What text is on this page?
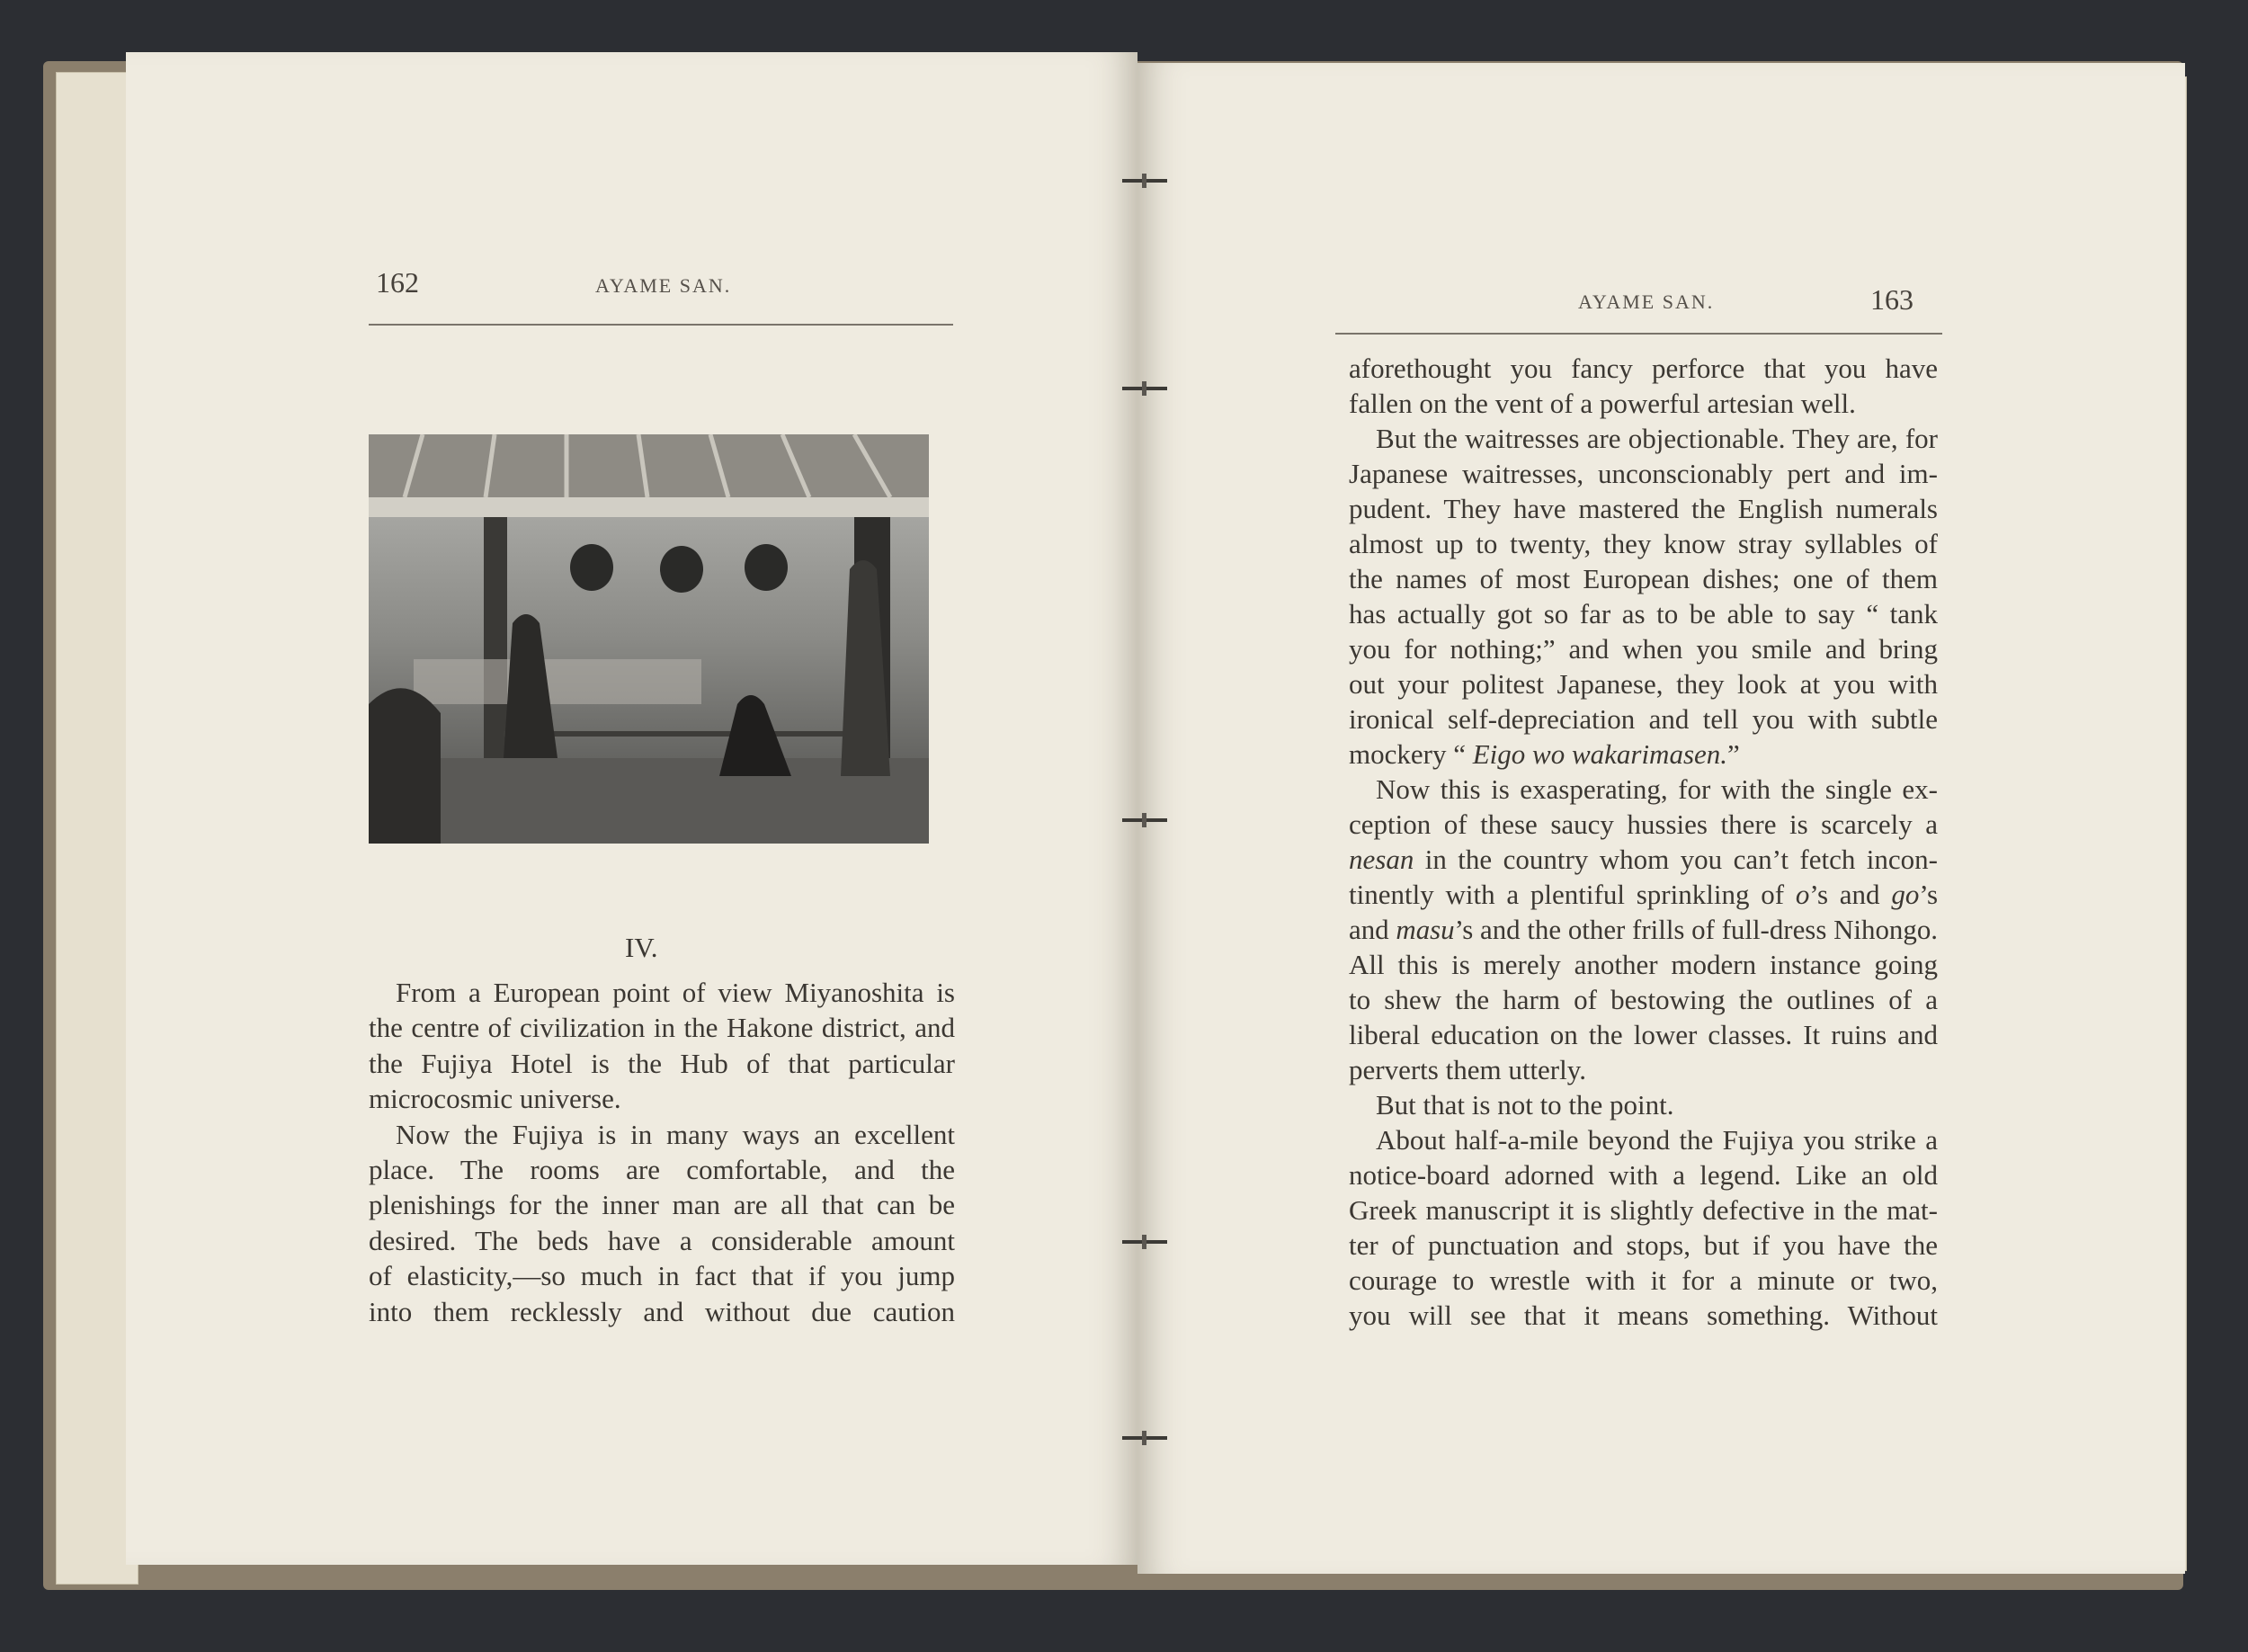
162	AYAME SAN.
IV.
From a European point of view Miyanoshita is
the centre of civilization in the Hakone district, and
the Fujiya Hotel is the Hub of that particular
microcosmic universe.
Now the Fujiya is in many ways an excellent
place. The rooms are comfortable, and the
plenishings for the inner man are all that can be
desired. The beds have a considerable amount
of elasticity,—so much in fact that if you jump
into them recklessly and without due caution
AYAME SAN.	163
aforethought you fancy perforce that you have
fallen on the vent of a powerful artesian well.
But the waitresses are objectionable. They are, for
Japanese waitresses, unconscionably pert and im-
pudent. They have mastered the English numerals
almost up to twenty, they know stray syllables of
the names of most European dishes; one of them
has actually got so far as to be able to say “ tank
you for nothing;” and when you smile and bring
out your politest Japanese, they look at you with
ironical self-depreciation and tell you with subtle
mockery “ Eigo wo wakarimasen.”
Now this is exasperating, for with the single ex-
ception of these saucy hussies there is scarcely a
nesan in the country whom you can’t fetch incon-
tinently with a plentiful sprinkling of o’s and go’s
and masu’s and the other frills of full-dress Nihongo.
All this is merely another modern instance going
to shew the harm of bestowing the outlines of a
liberal education on the lower classes. It ruins and
perverts them utterly.
But that is not to the point.
About half-a-mile beyond the Fujiya you strike a
notice-board adorned with a legend. Like an old
Greek manuscript it is slightly defective in the mat-
ter of punctuation and stops, but if you have the
courage to wrestle with it for a minute or two,
you will see that it means something. Without
